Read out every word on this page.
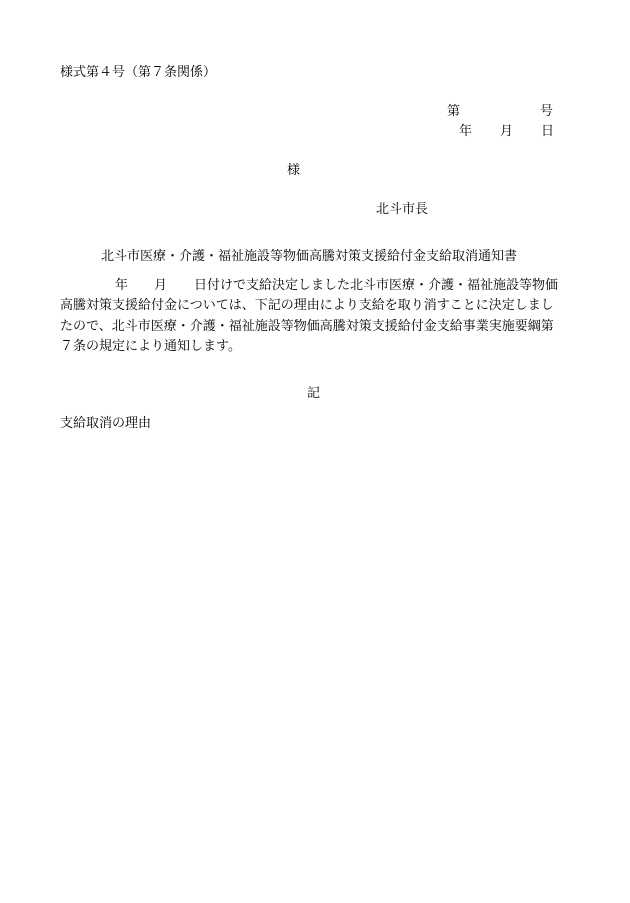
様式第４号（第７条関係）
第	号
年 月 日
様
北斗市長
北斗市医療・介護・福祉施設等物価高騰対策支援給付金支給取消通知書
年 月 日付けで支給決定しました北斗市医療・介護・福祉施設等物価
高騰対策支援給付金については、下記の理由により支給を取り消すことに決定しまし
たので、北斗市医療・介護・福祉施設等物価高騰対策支援給付金支給事業実施要綱第
７条の規定により通知します。
記
支給取消の理由
